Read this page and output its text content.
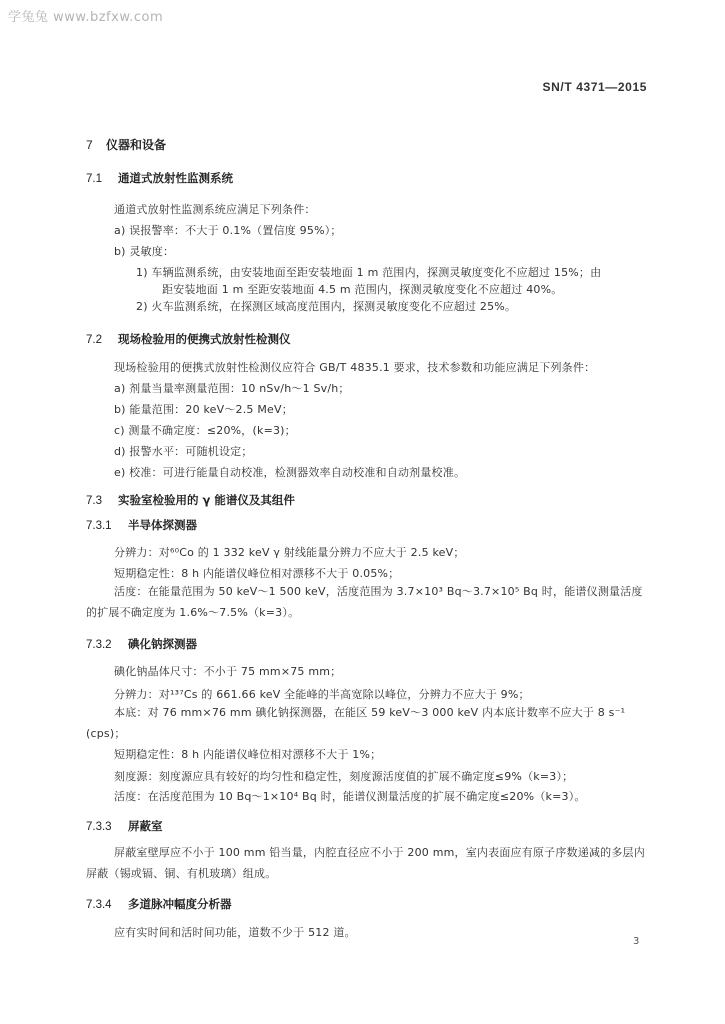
学兔兔 www.bzfxw.com
SN/T 4371—2015
7 仪器和设备
7.1 通道式放射性监测系统
通道式放射性监测系统应满足下列条件：
a) 误报警率：不大于 0.1%（置信度 95%）；
b) 灵敏度：
1) 车辆监测系统，由安装地面至距安装地面 1 m 范围内，探测灵敏度变化不应超过 15%；由
距安装地面 1 m 至距安装地面 4.5 m 范围内，探测灵敏度变化不应超过 40%。
2) 火车监测系统，在探测区域高度范围内，探测灵敏度变化不应超过 25%。
7.2 现场检验用的便携式放射性检测仪
现场检验用的便携式放射性检测仪应符合 GB/T 4835.1 要求，技术参数和功能应满足下列条件：
a) 剂量当量率测量范围：10 nSv/h～1 Sv/h；
b) 能量范围：20 keV～2.5 MeV；
c) 测量不确定度：≤20%，(k=3)；
d) 报警水平：可随机设定；
e) 校准：可进行能量自动校准，检测器效率自动校准和自动剂量校准。
7.3 实验室检验用的 γ 能谱仪及其组件
7.3.1 半导体探测器
分辨力：对⁶⁰Co 的 1 332 keV γ 射线能量分辨力不应大于 2.5 keV；
短期稳定性：8 h 内能谱仪峰位相对漂移不大于 0.05%；
活度：在能量范围为 50 keV～1 500 keV，活度范围为 3.7×10³ Bq～3.7×10⁵ Bq 时，能谱仪测量活度的扩展不确定度为 1.6%～7.5%（k=3）。
7.3.2 碘化钠探测器
碘化钠晶体尺寸：不小于 75 mm×75 mm；
分辨力：对¹³⁷Cs 的 661.66 keV 全能峰的半高宽除以峰位，分辨力不应大于 9%；
本底：对 76 mm×76 mm 碘化钠探测器，在能区 59 keV～3 000 keV 内本底计数率不应大于 8 s⁻¹ (cps)；
短期稳定性：8 h 内能谱仪峰位相对漂移不大于 1%；
刻度源：刻度源应具有较好的均匀性和稳定性，刻度源活度值的扩展不确定度≤9%（k=3）；
活度：在活度范围为 10 Bq～1×10⁴ Bq 时，能谱仪测量活度的扩展不确定度≤20%（k=3）。
7.3.3 屏蔽室
屏蔽室壁厚应不小于 100 mm 铅当量，内腔直径应不小于 200 mm，室内表面应有原子序数递减的多层内屏蔽（锡或镉、铜、有机玻璃）组成。
7.3.4 多道脉冲幅度分析器
应有实时间和活时间功能，道数不少于 512 道。
3
